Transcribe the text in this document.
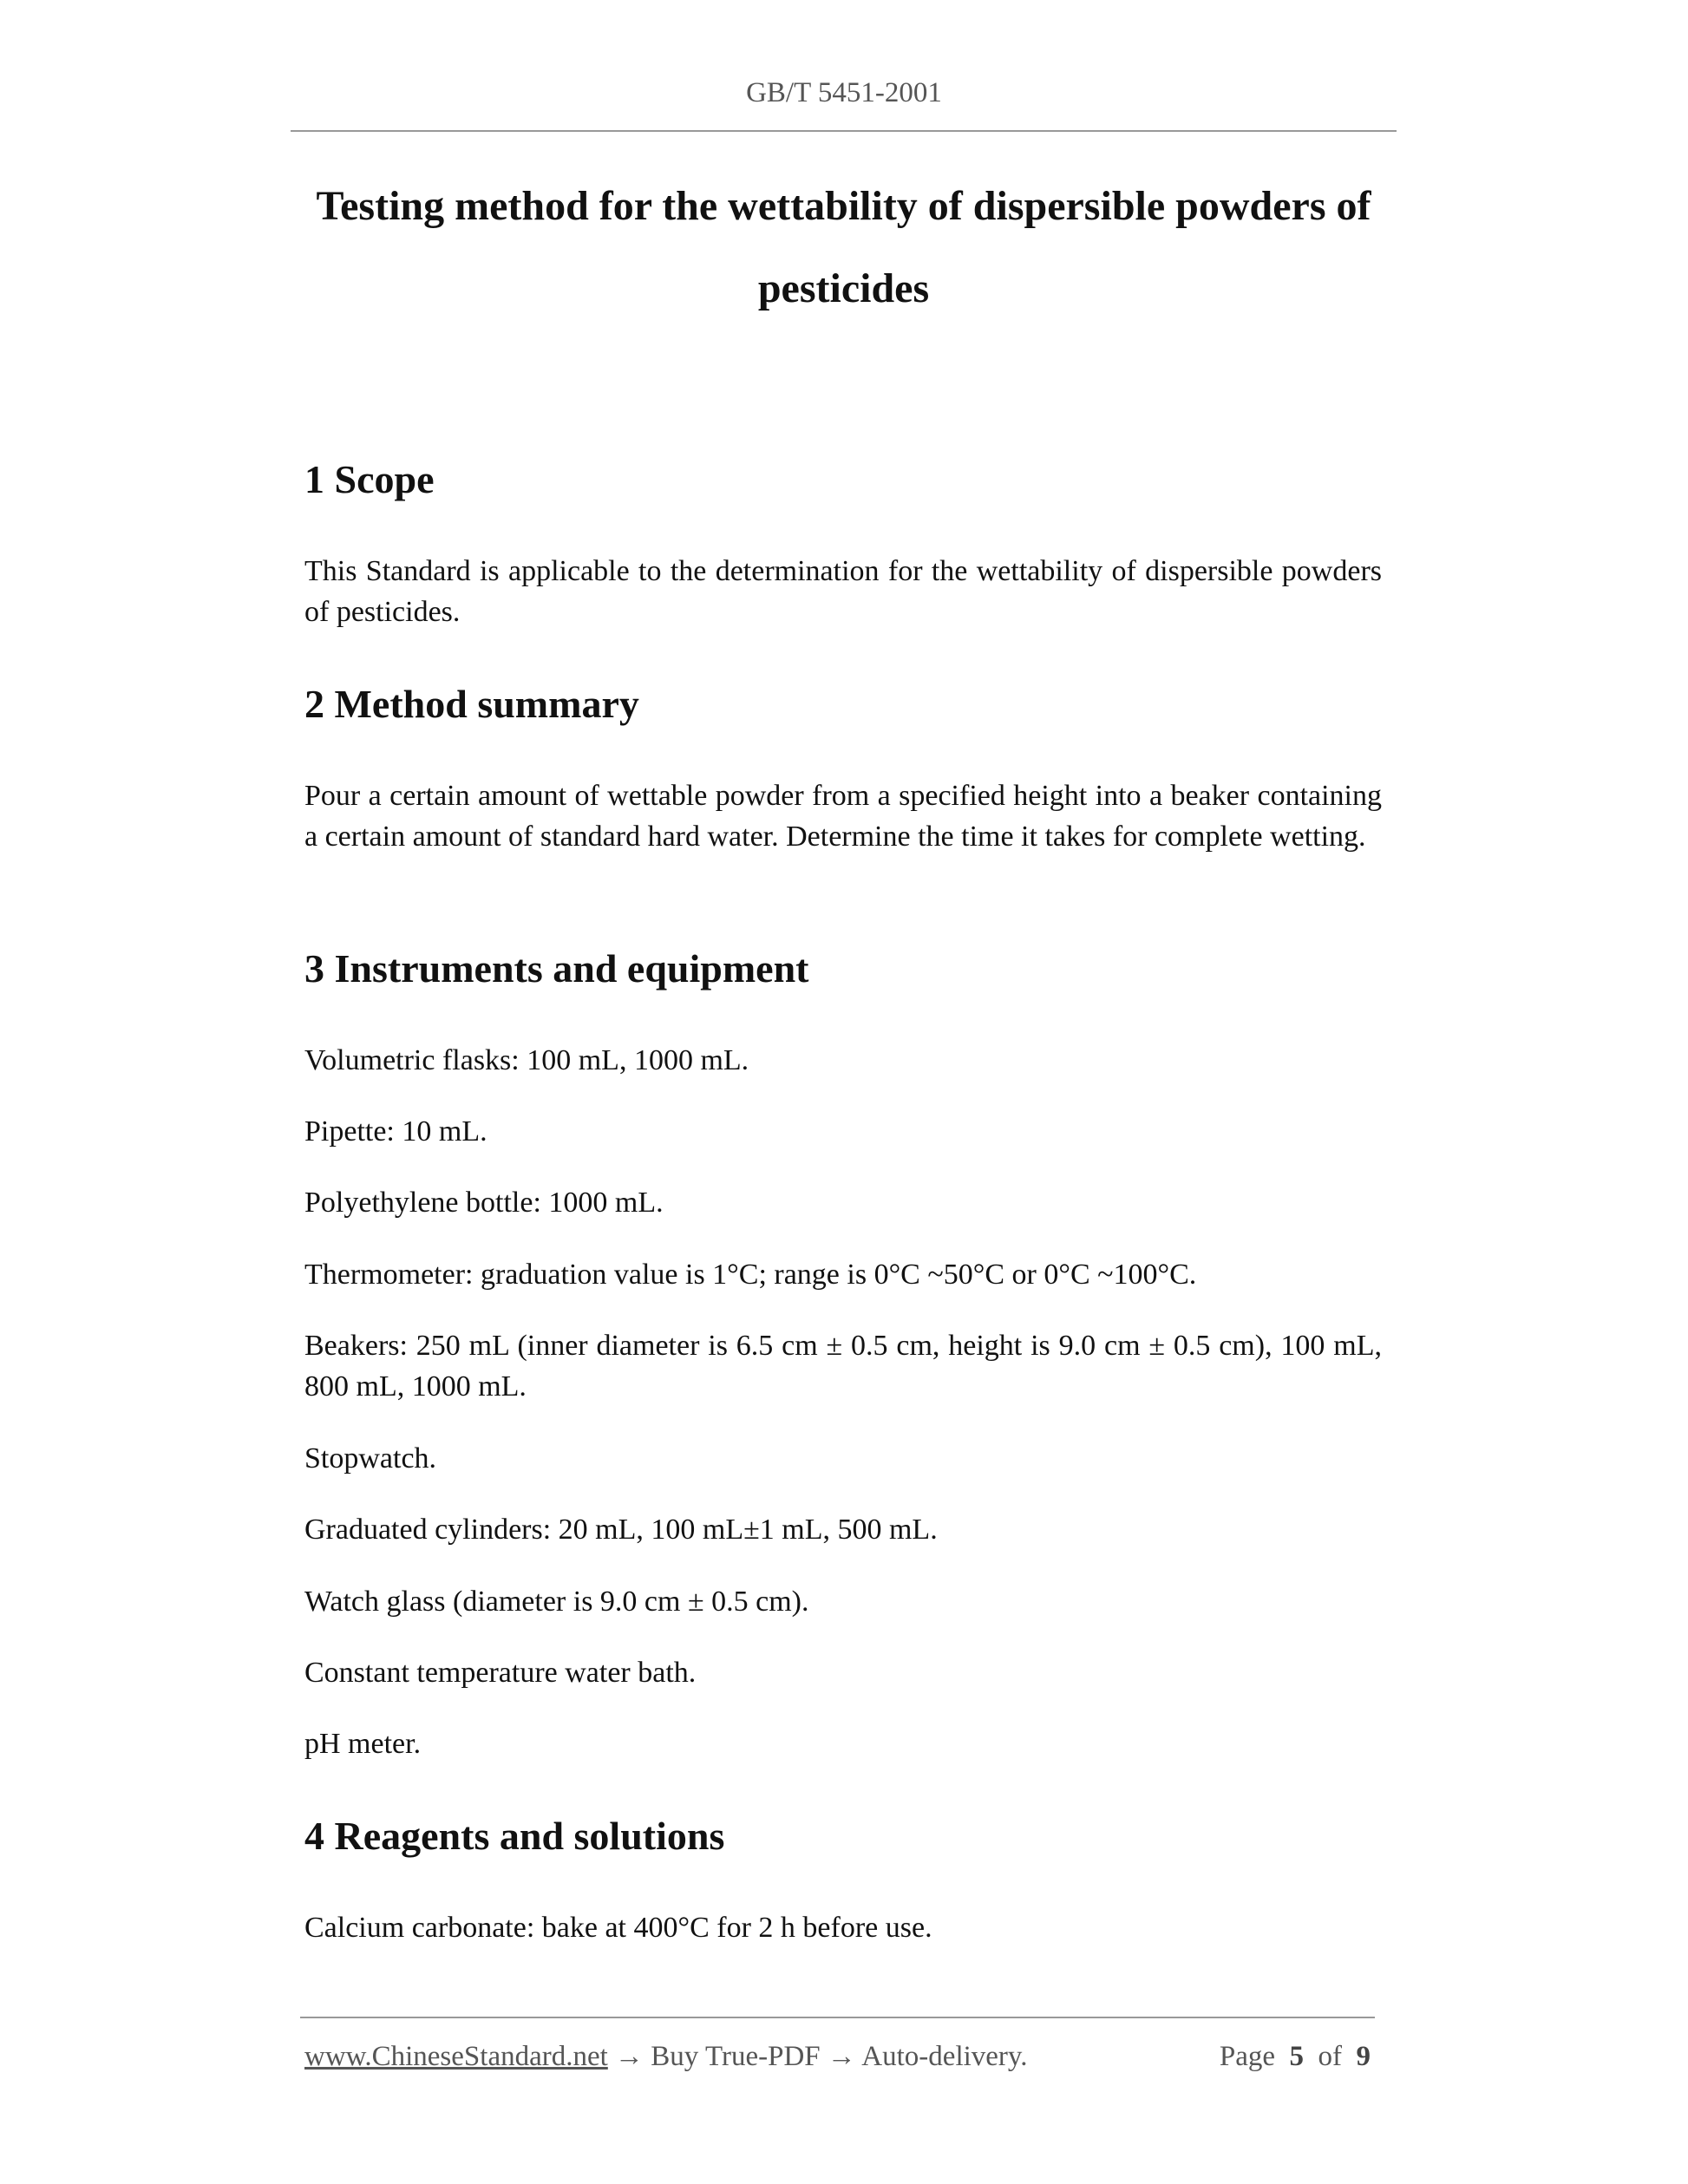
GB/T 5451-2001
Testing method for the wettability of dispersible powders of pesticides
1 Scope
This Standard is applicable to the determination for the wettability of dispersible powders of pesticides.
2 Method summary
Pour a certain amount of wettable powder from a specified height into a beaker containing a certain amount of standard hard water. Determine the time it takes for complete wetting.
3 Instruments and equipment
Volumetric flasks: 100 mL, 1000 mL.
Pipette: 10 mL.
Polyethylene bottle: 1000 mL.
Thermometer: graduation value is 1°C; range is 0°C ~50°C or 0°C ~100°C.
Beakers: 250 mL (inner diameter is 6.5 cm ± 0.5 cm, height is 9.0 cm ± 0.5 cm), 100 mL, 800 mL, 1000 mL.
Stopwatch.
Graduated cylinders: 20 mL, 100 mL±1 mL, 500 mL.
Watch glass (diameter is 9.0 cm ± 0.5 cm).
Constant temperature water bath.
pH meter.
4 Reagents and solutions
Calcium carbonate: bake at 400°C for 2 h before use.
www.ChineseStandard.net → Buy True-PDF → Auto-delivery.	Page 5 of 9
